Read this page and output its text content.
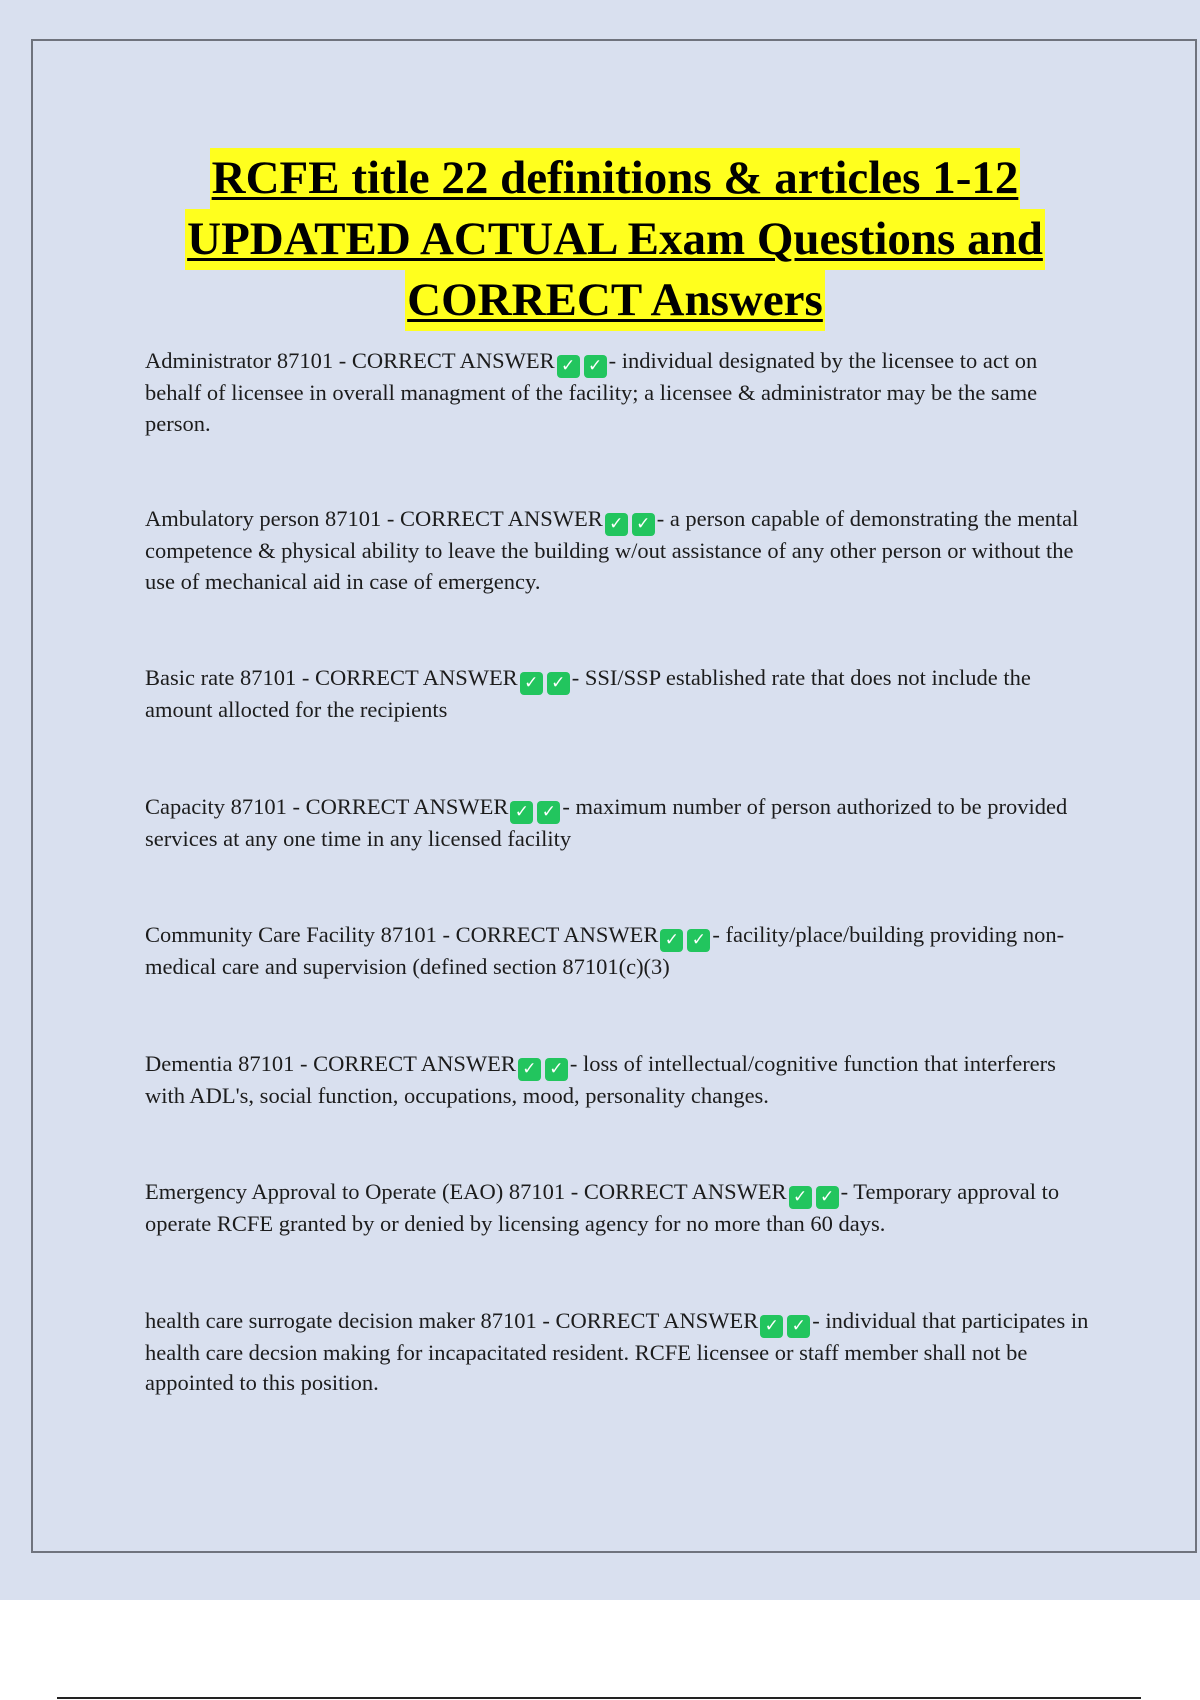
RCFE title 22 definitions & articles 1-12
UPDATED ACTUAL Exam Questions and
CORRECT Answers

Administrator 87101 - CORRECT ANSWER ✓ ✓ - individual designated by the licensee to act on behalf of licensee in overall managment of the facility; a licensee & administrator may be the same person.

Ambulatory person 87101 - CORRECT ANSWER ✓ ✓ - a person capable of demonstrating the mental competence & physical ability to leave the building w/out assistance of any other person or without the use of mechanical aid in case of emergency.

Basic rate 87101 - CORRECT ANSWER ✓ ✓ - SSI/SSP established rate that does not include the amount allocted for the recipients

Capacity 87101 - CORRECT ANSWER ✓ ✓ - maximum number of person authorized to be provided services at any one time in any licensed facility

Community Care Facility 87101 - CORRECT ANSWER ✓ ✓ - facility/place/building providing non-medical care and supervision (defined section 87101(c)(3)

Dementia 87101 - CORRECT ANSWER ✓ ✓ - loss of intellectual/cognitive function that interferers with ADL's, social function, occupations, mood, personality changes.

Emergency Approval to Operate (EAO) 87101 - CORRECT ANSWER ✓ ✓ - Temporary approval to operate RCFE granted by or denied by licensing agency for no more than 60 days.

health care surrogate decision maker 87101 - CORRECT ANSWER ✓ ✓ - individual that participates in health care decsion making for incapacitated resident. RCFE licensee or staff member shall not be appointed to this position.
